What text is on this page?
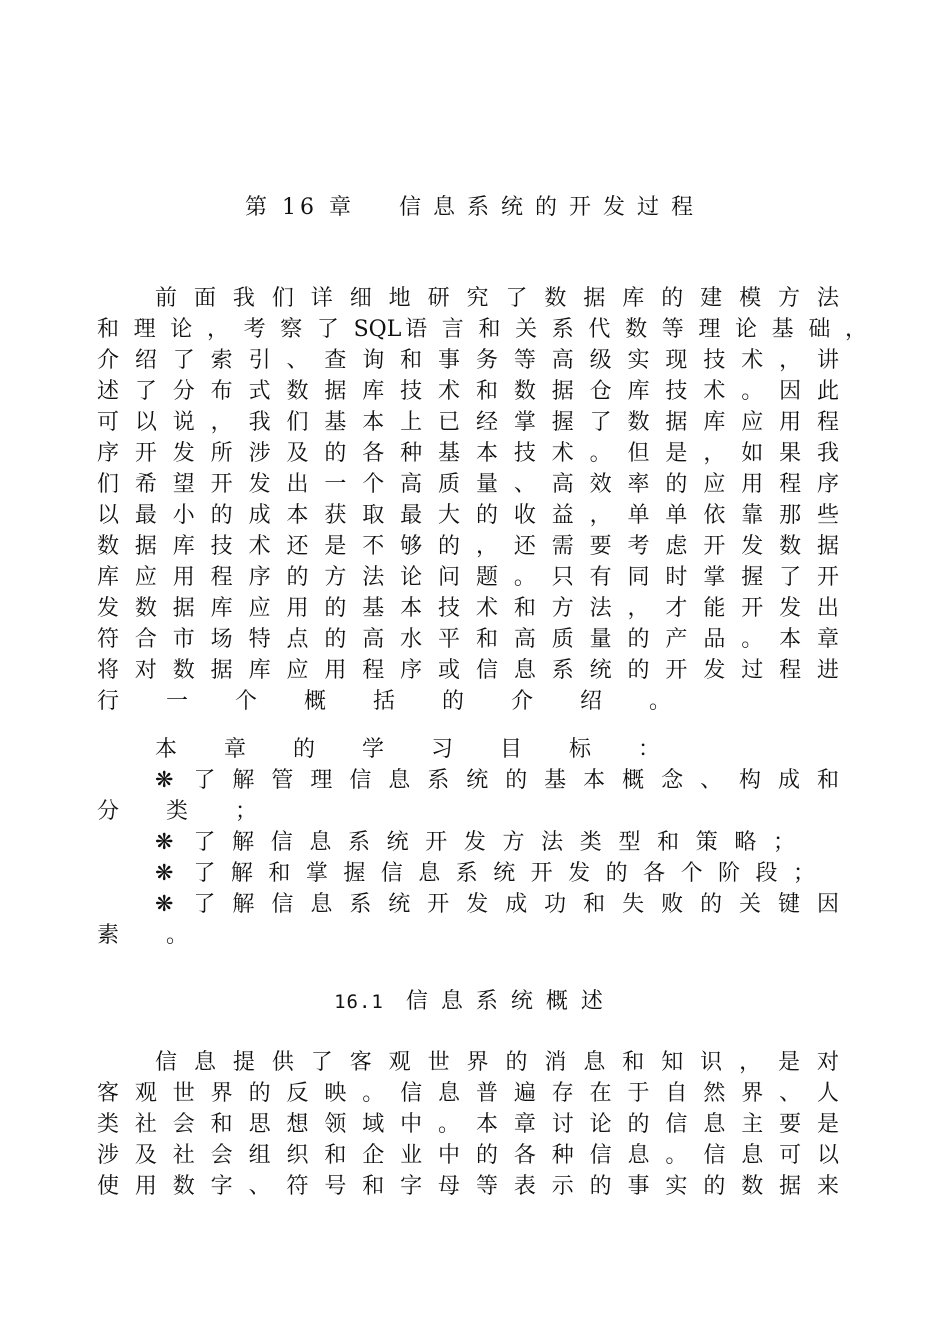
第 16 章 信息系统的开发过程
前 面 我 们 详 细 地 研 究 了 数 据 库 的 建 模 方 法
和 理 论 ， 考 察 了 SQL语 言 和 关 系 代 数 等 理 论 基 础 ，
介 绍 了 索 引 、 查 询 和 事 务 等 高 级 实 现 技 术 ， 讲
述 了 分 布 式 数 据 库 技 术 和 数 据 仓 库 技 术 。 因 此
可 以 说 ， 我 们 基 本 上 已 经 掌 握 了 数 据 库 应 用 程
序 开 发 所 涉 及 的 各 种 基 本 技 术 。 但 是 ， 如 果 我
们 希 望 开 发 出 一 个 高 质 量 、 高 效 率 的 应 用 程 序
以 最 小 的 成 本 获 取 最 大 的 收 益 ， 单 单 依 靠 那 些
数 据 库 技 术 还 是 不 够 的 ， 还 需 要 考 虑 开 发 数 据
库 应 用 程 序 的 方 法 论 问 题 。 只 有 同 时 掌 握 了 开
发 数 据 库 应 用 的 基 本 技 术 和 方 法 ， 才 能 开 发 出
符 合 市 场 特 点 的 高 水 平 和 高 质 量 的 产 品 。 本 章
将 对 数 据 库 应 用 程 序 或 信 息 系 统 的 开 发 过 程 进
行 一 个 概 括 的 介 绍 。
本 章 的 学 习 目 标 ：
❋ 了 解 管 理 信 息 系 统 的 基 本 概 念 、 构 成 和
分 类 ；
❋ 了 解 信 息 系 统 开 发 方 法 类 型 和 策 略 ；
❋ 了 解 和 掌 握 信 息 系 统 开 发 的 各 个 阶 段 ；
❋ 了 解 信 息 系 统 开 发 成 功 和 失 败 的 关 键 因
素 。
16.1 信息系统概述
信 息 提 供 了 客 观 世 界 的 消 息 和 知 识 ， 是 对
客 观 世 界 的 反 映 。 信 息 普 遍 存 在 于 自 然 界 、 人
类 社 会 和 思 想 领 域 中 。 本 章 讨 论 的 信 息 主 要 是
涉 及 社 会 组 织 和 企 业 中 的 各 种 信 息 。 信 息 可 以
使 用 数 字 、 符 号 和 字 母 等 表 示 的 事 实 的 数 据 来
